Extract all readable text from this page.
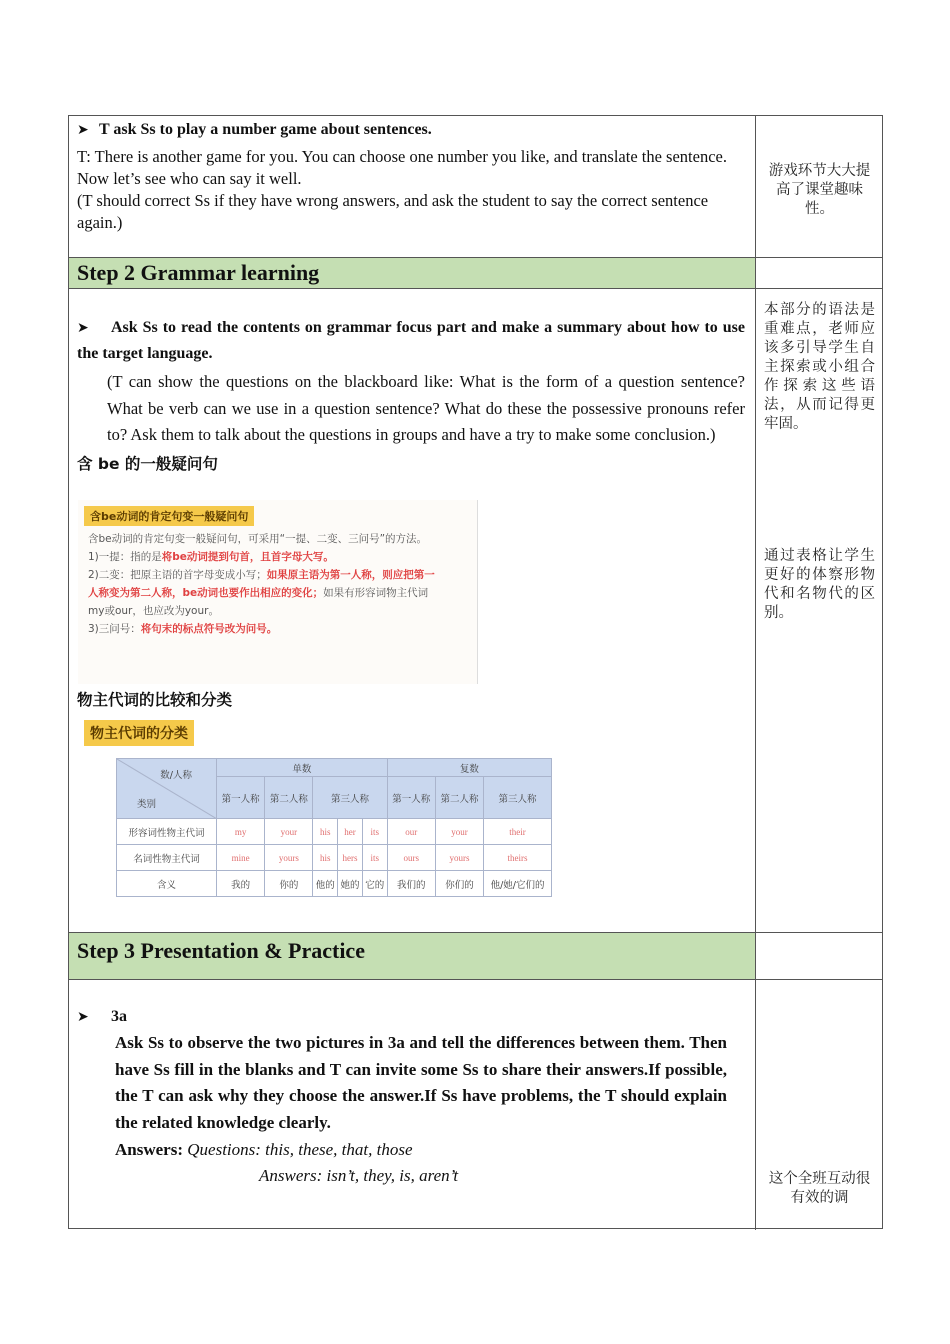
➤ T ask Ss to play a number game about sentences.

T: There is another game for you. You can choose one number you like, and translate the sentence. Now let’s see who can say it well.

(T should correct Ss if they have wrong answers, and ask the student to say the correct sentence again.)

游戏环节大大提高了课堂趣味性。
Step 2 Grammar learning

➤ Ask Ss to read the contents on grammar focus part and make a summary about how to use the target language.

(T can show the questions on the blackboard like: What is the form of a question sentence? What be verb can we use in a question sentence? What do these the possessive pronouns refer to? Ask them to talk about the questions in groups and have a try to make some conclusion.)

含 be 的一般疑问句

本部分的语法是重难点，老师应该多引导学生自主探索或小组合作探索这些语法，从而记得更牢固。
通过表格让学生更好的体察形物代和名物代的区别。
Step 3 Presentation & Practice

➤ 3a

Ask Ss to observe the two pictures in 3a and tell the differences between them. Then have Ss fill in the blanks and T can invite some Ss to share their answers.If possible, the T can ask why they choose the answer.If Ss have problems, the T should explain the related knowledge clearly.

Answers: Questions: this, these, that, those

Answers: isn’t, they, is, aren’t	这个全班互动很有效的调
含be动词的肯定句变一般疑问句
含be动词的肯定句变一般疑问句，可采用“一提、二变、三问号”的方法。
1)一提：指的是将be动词提到句首，且首字母大写。
2)二变：把原主语的首字母变成小写；如果原主语为第一人称，则应把第一人称变为第二人称，be动词也要作出相应的变化；如果有形容词物主代词my或our，也应改为your。
3)三问号：将句末的标点符号改为问号。
物主代词的比较和分类
物主代词的分类
数/人称
类别	单数					复数		
	第一人称	第二人称	第三人称			第一人称	第二人称	第三人称
形容词性物主代词	my	your	his	her	its	our	your	their
名词性物主代词	mine	yours	his	hers	its	ours	yours	theirs
含义	我的	你的	他的	她的	它的	我们的	你们的	他/她/它们的
